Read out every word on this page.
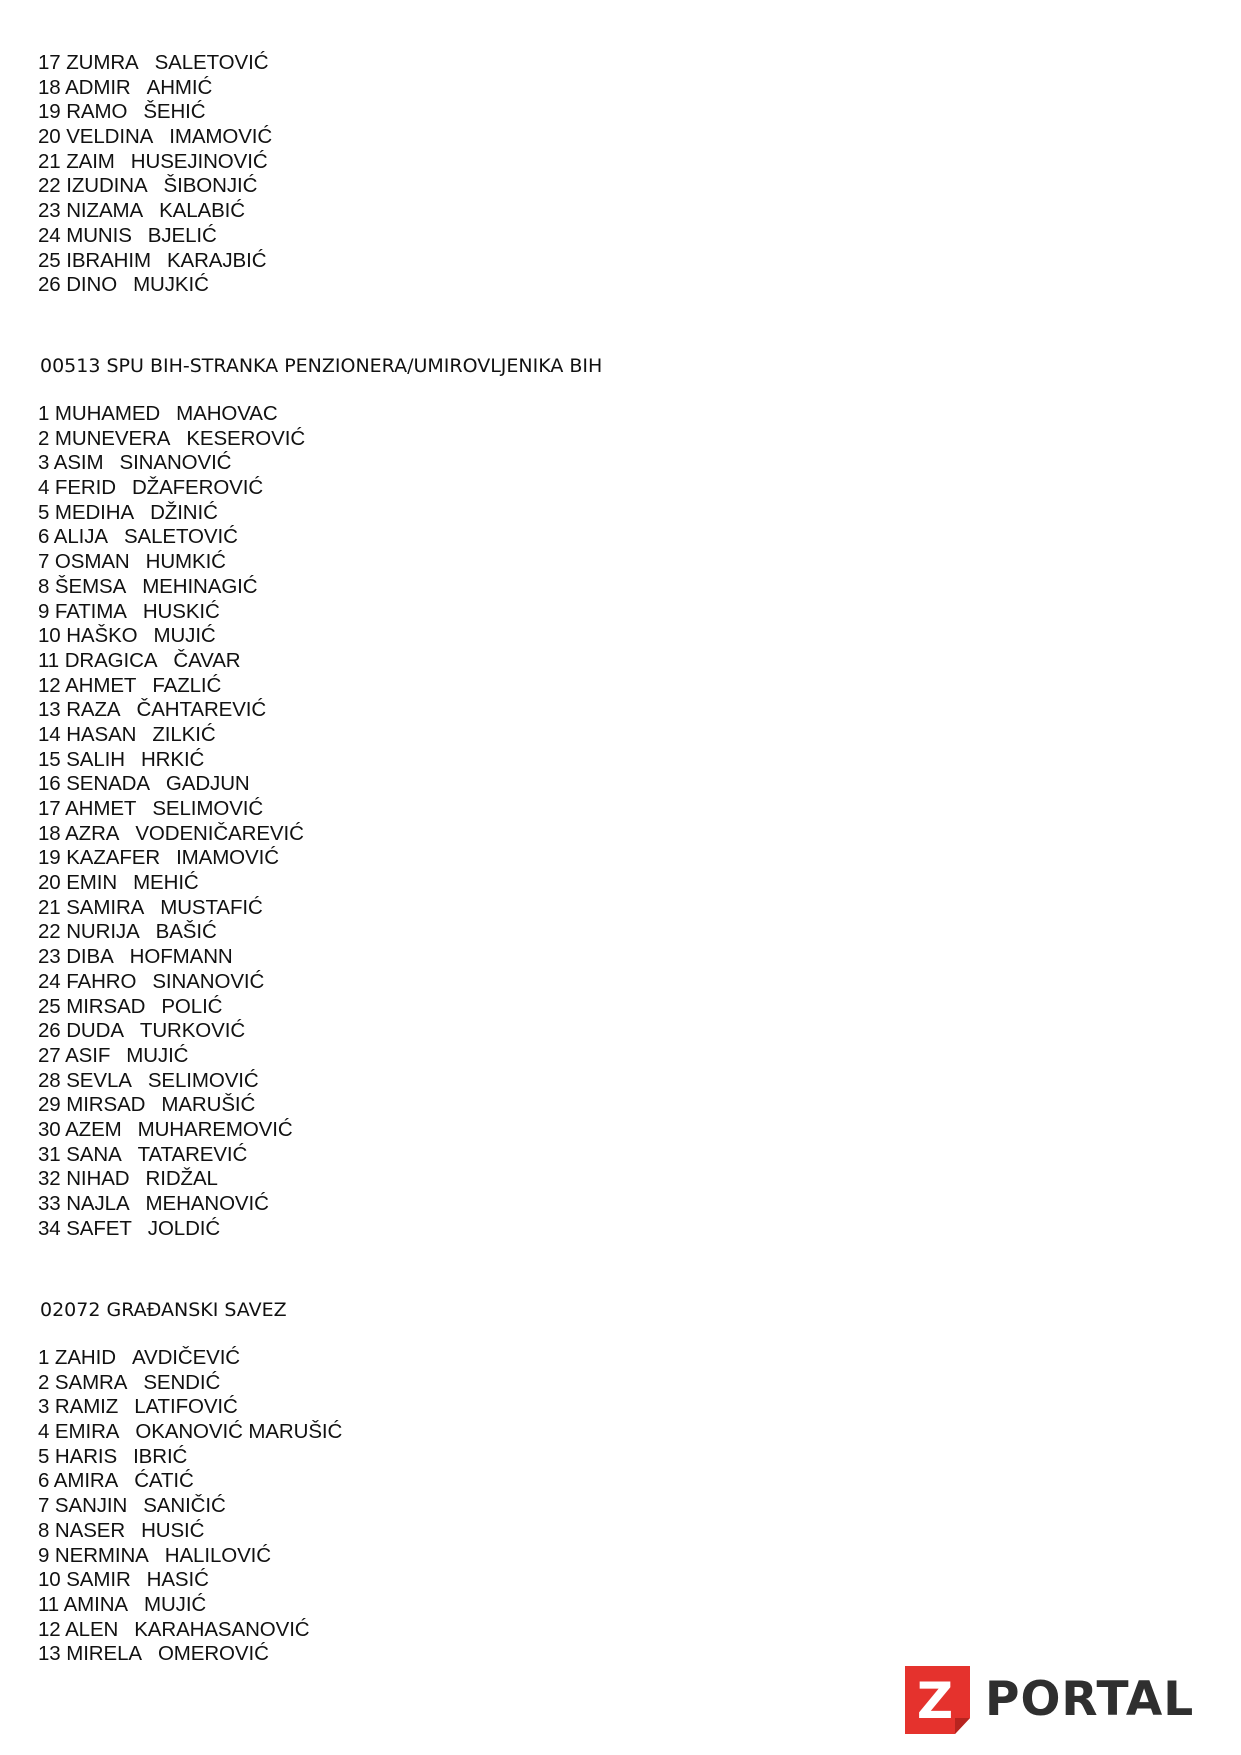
17 ZUMRA SALETOVIĆ
18 ADMIR AHMIĆ
19 RAMO ŠEHIĆ
20 VELDINA IMAMOVIĆ
21 ZAIM HUSEJINOVIĆ
22 IZUDINA ŠIBONJIĆ
23 NIZAMA KALABIĆ
24 MUNIS BJELIĆ
25 IBRAHIM KARAJBIĆ
26 DINO MUJKIĆ
00513 SPU BIH-STRANKA PENZIONERA/UMIROVLJENIKA BIH
1 MUHAMED MAHOVAC
2 MUNEVERA KESEROVIĆ
3 ASIM SINANOVIĆ
4 FERID DŽAFEROVIĆ
5 MEDIHA DŽINIĆ
6 ALIJA SALETOVIĆ
7 OSMAN HUMKIĆ
8 ŠEMSA MEHINAGIĆ
9 FATIMA HUSKIĆ
10 HAŠKO MUJIĆ
11 DRAGICA ČAVAR
12 AHMET FAZLIĆ
13 RAZA ČAHTAREVIĆ
14 HASAN ZILKIĆ
15 SALIH HRKIĆ
16 SENADA GADJUN
17 AHMET SELIMOVIĆ
18 AZRA VODENIČAREVIĆ
19 KAZAFER IMAMOVIĆ
20 EMIN MEHIĆ
21 SAMIRA MUSTAFIĆ
22 NURIJA BAŠIĆ
23 DIBA HOFMANN
24 FAHRO SINANOVIĆ
25 MIRSAD POLIĆ
26 DUDA TURKOVIĆ
27 ASIF MUJIĆ
28 SEVLA SELIMOVIĆ
29 MIRSAD MARUŠIĆ
30 AZEM MUHAREMOVIĆ
31 SANA TATAREVIĆ
32 NIHAD RIDŽAL
33 NAJLA MEHANOVIĆ
34 SAFET JOLDIĆ
02072 GRAĐANSKI SAVEZ
1 ZAHID AVDIČEVIĆ
2 SAMRA SENDIĆ
3 RAMIZ LATIFOVIĆ
4 EMIRA OKANOVIĆ MARUŠIĆ
5 HARIS IBRIĆ
6 AMIRA ĆATIĆ
7 SANJIN SANIČIĆ
8 NASER HUSIĆ
9 NERMINA HALILOVIĆ
10 SAMIR HASIĆ
11 AMINA MUJIĆ
12 ALEN KARAHASANOVIĆ
13 MIRELA OMEROVIĆ
Z PORTAL
